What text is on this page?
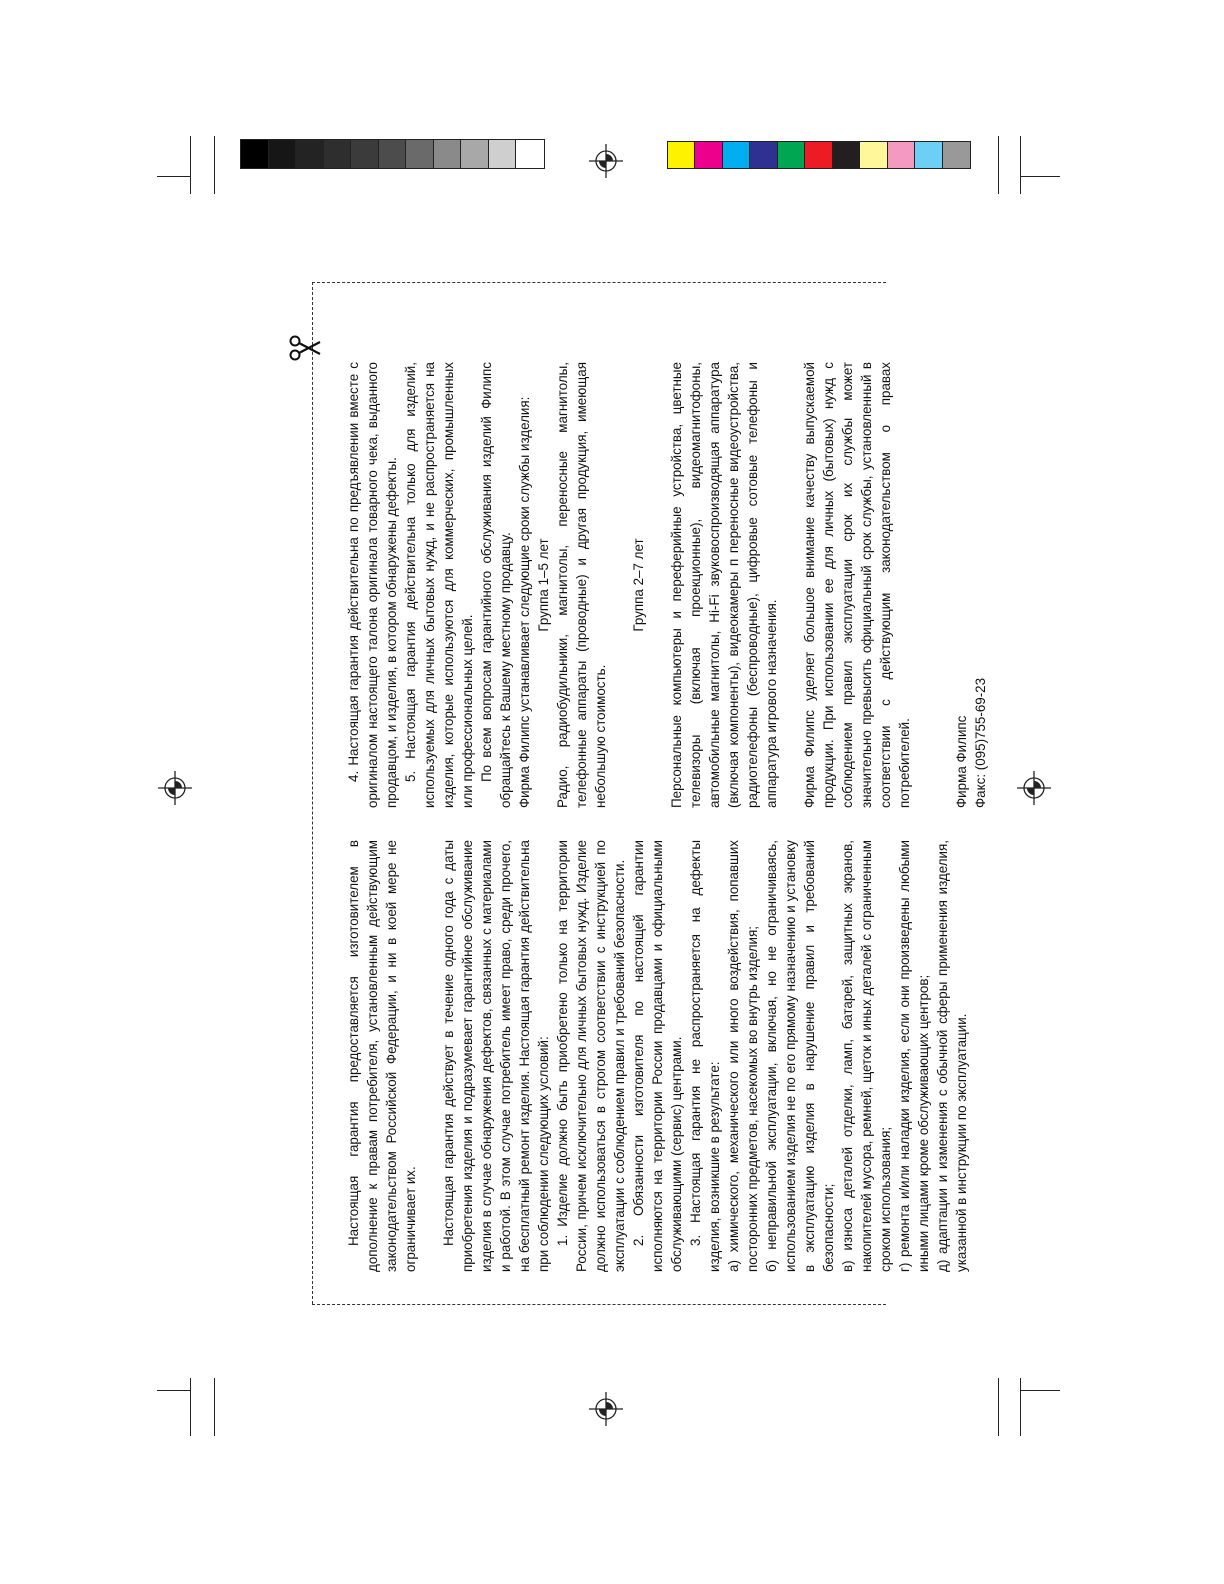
Настоящая гарантия предоставляется изготовителем в дополнение к правам потребителя, установленным действующим законодательством Российской Федерации, и ни в коей мере не ограничивает их. Настоящая гарантия действует в течение одного года с даты приобретения изделия и подразумевает гарантийное обслуживание изделия в случае обнаружения дефектов, связанных с материалами и работой. В этом случае потребитель имеет право, среди прочего, на бесплатный ремонт изделия. Настоящая гарантия действительна при соблюдении следующих условий: 1. Изделие должно быть приобретено только на территории России, причем исключительно для личных бытовых нужд. Изделие должно использоваться в строгом соответствии с инструкцией по эксплуатации с соблюдением правил и требований безопасности. 2. Обязанности изготовителя по настоящей гарантии исполняются на территории России продавцами и официальными обслуживающими (сервис) центрами. 3. Настоящая гарантия не распространяется на дефекты изделия, возникшие в результате: а) химического, механического или иного воздействия, попавших посторонних предметов, насекомых во внутрь изделия; б) неправильной эксплуатации, включая, но не ограничиваясь, использованием изделия не по его прямому назначению и установку в эксплуатацию изделия в нарушение правил и требований безопасности; в) износа деталей отделки, ламп, батарей, защитных экранов, накопителей мусора, ремней, щеток и иных деталей с ограниченным сроком использования; г) ремонта и/или наладки изделия, если они произведены любыми иными лицами кроме обслуживающих центров; д) адаптации и изменения с обычной сферы применения изделия, указанной в инструкции по эксплуатации.

4. Настоящая гарантия действительна по предъявлении вместе с оригиналом настоящего талона оригинала товарного чека, выданного продавцом, и изделия, в котором обнаружены дефекты. 5. Настоящая гарантия действительна только для изделий, используемых для личных бытовых нужд, и не распространяется на изделия, которые используются для коммерческих, промышленных или профессиональных целей. По всем вопросам гарантийного обслуживания изделий Филипс обращайтесь к Вашему местному продавцу. Фирма Филипс устанавливает следующие сроки службы изделия: Группа 1–5 лет Радио, радиобудильники, магнитолы, переносные магнитолы, телефонные аппараты (проводные) и другая продукция, имеющая небольшую стоимость.

Группа 2–7 лет Персональные компьютеры и переферийные устройства, цветные телевизоры (включая проекционные), видеомагнитофоны, автомобильные магнитолы, Hi-Fi звуковоспроизводящая аппаратура (включая компоненты), видеокамеры п переносные видеоустройства, радиотелефоны (беспроводные), цифровые сотовые телефоны и аппаратура игрового назначения. Фирма Филипс уделяет большое внимание качеству выпускаемой продукции. При использовании ее для личных (бытовых) нужд с соблюдением правил эксплуатации срок их службы может значительно превысить официальный срок службы, установленный в соответствии с действующим законодательством о правах потребителей.	Фирма Филипс Факс: (095)755-69-23
